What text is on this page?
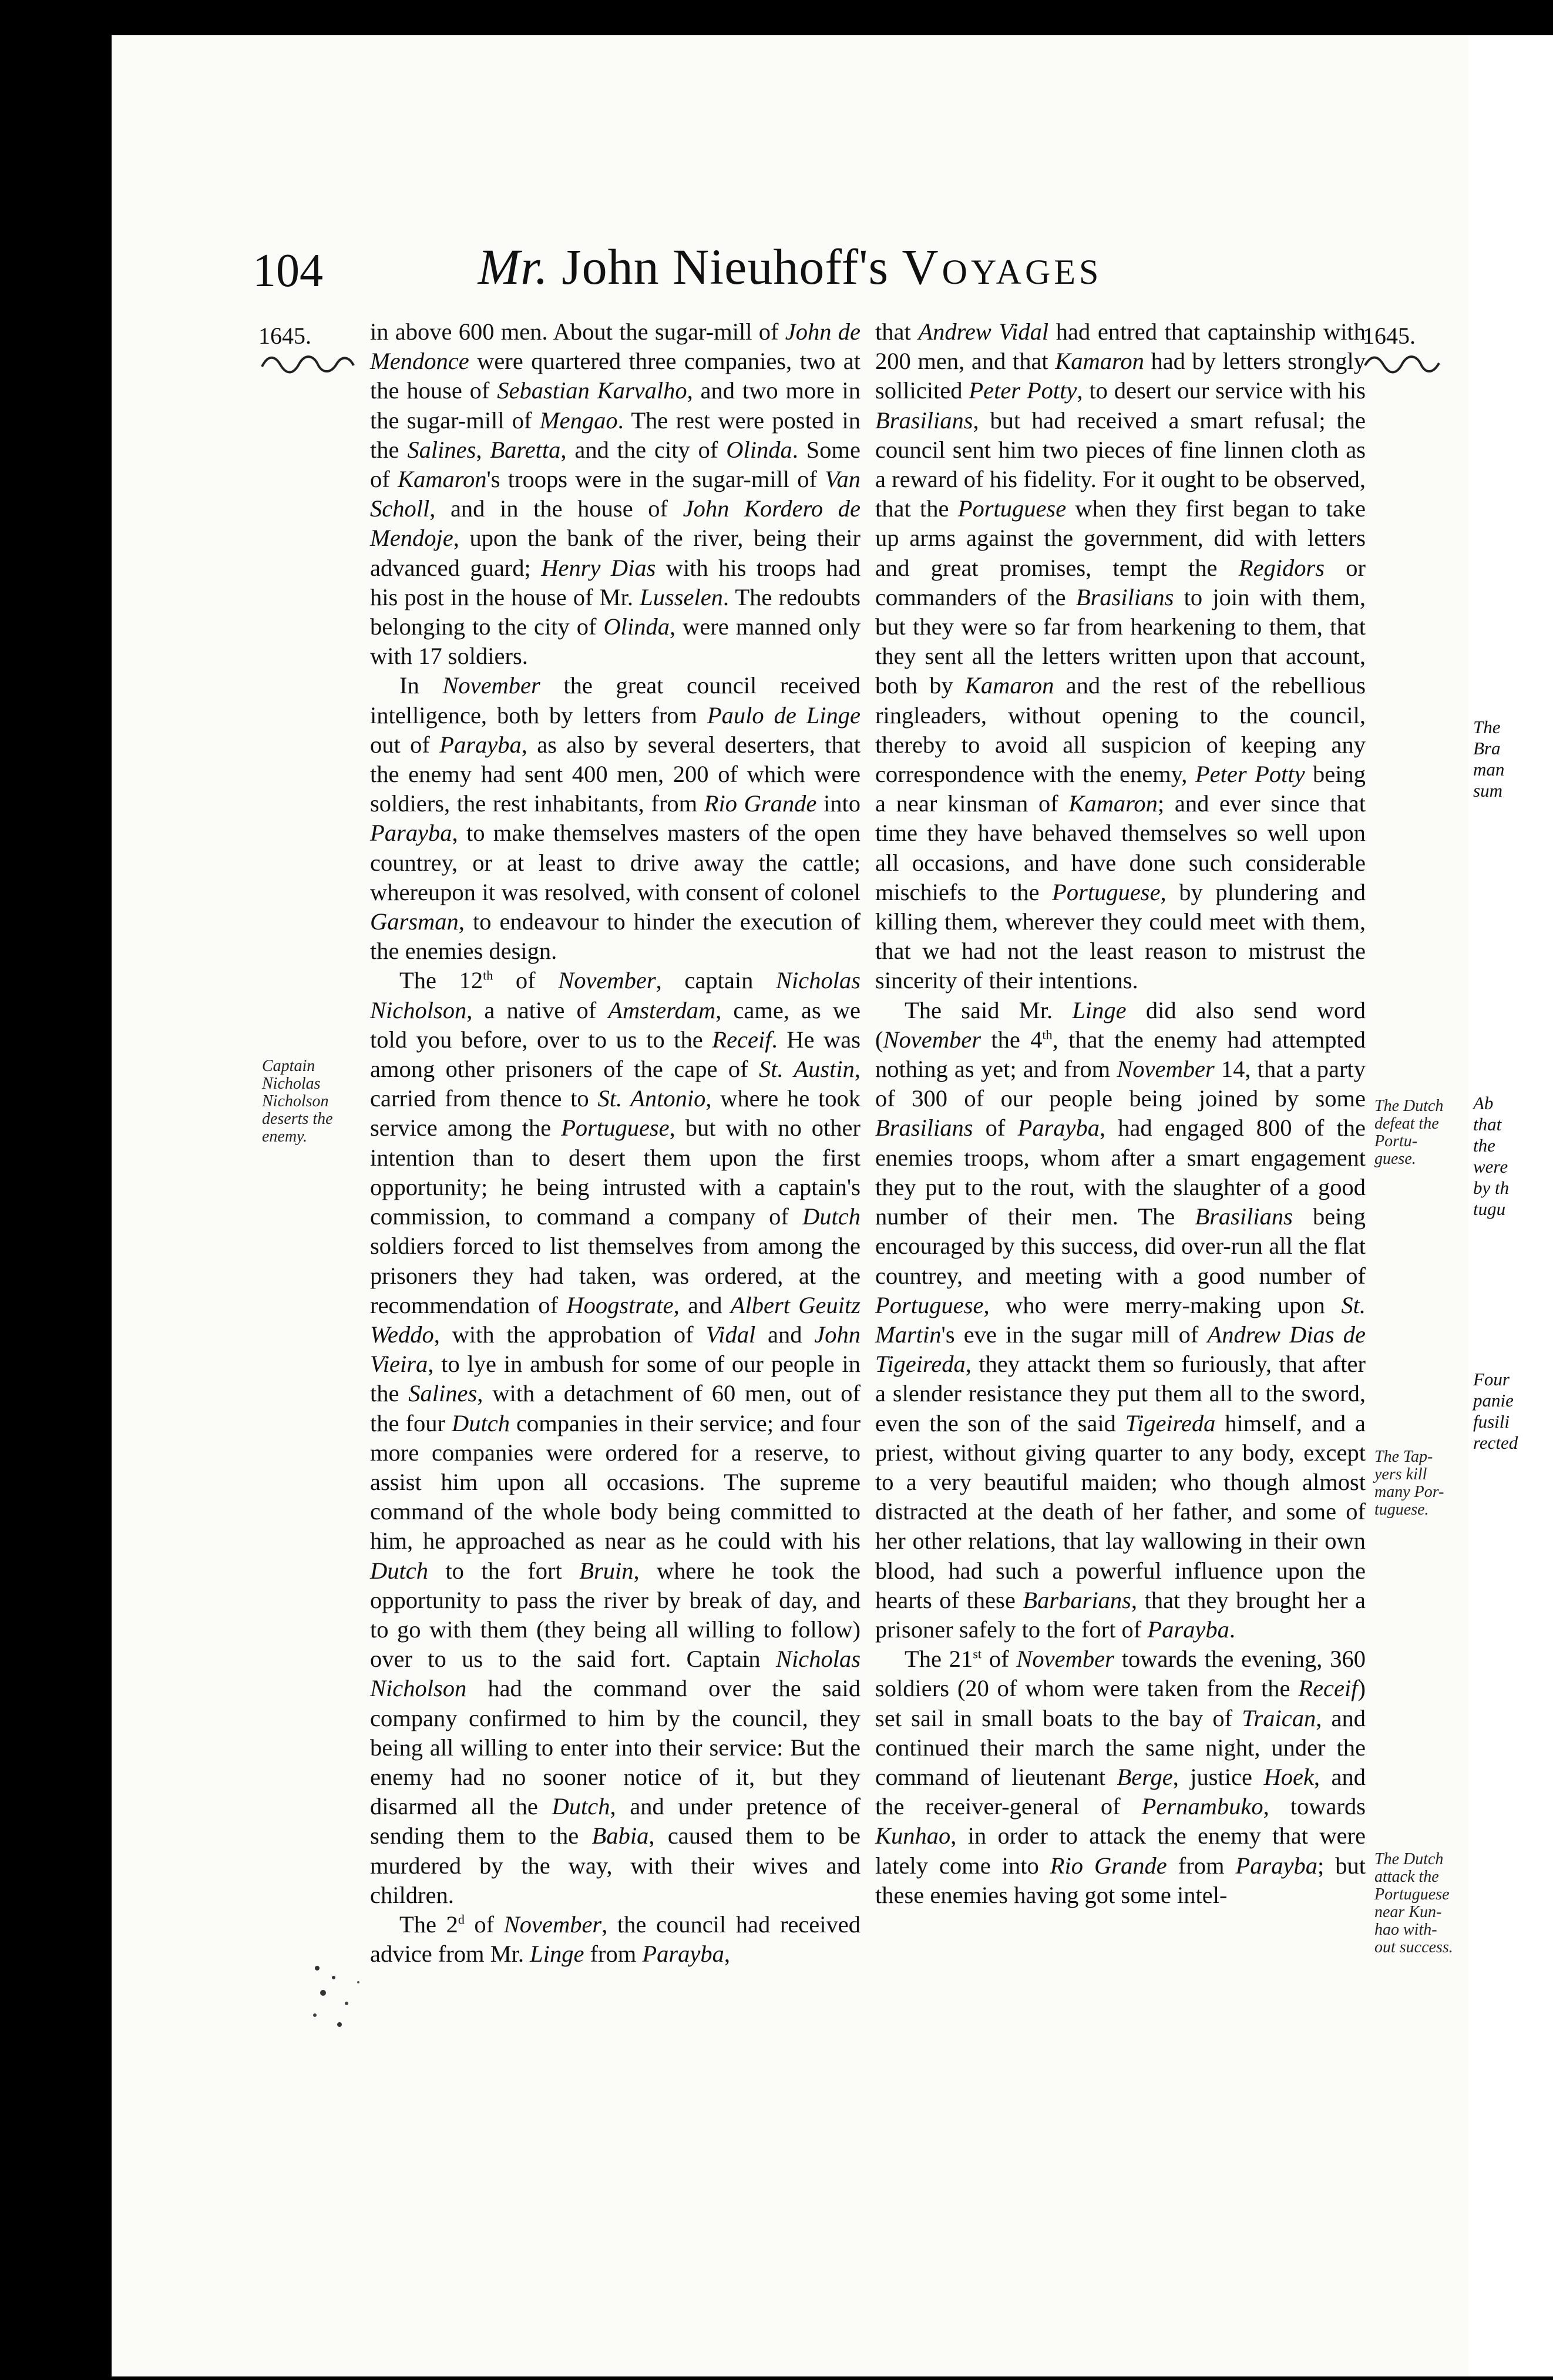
104	Mr. John Nieuhoff's Voyages
1645.	1645.

in above 600 men. About the sugar-mill of John de Mendonce were quartered three companies, two at the house of Sebastian Karvalho, and two more in the sugar-mill of Mengao. The rest were posted in the Salines, Baretta, and the city of Olinda. Some of Kamaron's troops were in the sugar-mill of Van Scholl, and in the house of John Kordero de Mendoje, upon the bank of the river, being their advanced guard; Henry Dias with his troops had his post in the house of Mr. Lusselen. The redoubts belonging to the city of Olinda, were manned only with 17 soldiers.

In November the great council received intelligence, both by letters from Paulo de Linge out of Parayba, as also by several deserters, that the enemy had sent 400 men, 200 of which were soldiers, the rest inhabitants, from Rio Grande into Parayba, to make themselves masters of the open countrey, or at least to drive away the cattle; whereupon it was resolved, with consent of colonel Garsman, to endeavour to hinder the execution of the enemies design.

The 12th of November, captain Nicholas Nicholson, a native of Amsterdam, came, as we told you before, over to us to the Receif. He was among other prisoners of the cape of St. Austin, carried from thence to St. Antonio, where he took service among the Portuguese, but with no other intention than to desert them upon the first opportunity; he being intrusted with a captain's commission, to command a company of Dutch soldiers forced to list themselves from among the prisoners they had taken, was ordered, at the recommendation of Hoogstrate, and Albert Geuitz Weddo, with the approbation of Vidal and John Vieira, to lye in ambush for some of our people in the Salines, with a detachment of 60 men, out of the four Dutch companies in their service; and four more companies were ordered for a reserve, to assist him upon all occasions. The supreme command of the whole body being committed to him, he approached as near as he could with his Dutch to the fort Bruin, where he took the opportunity to pass the river by break of day, and to go with them (they being all willing to follow) over to us to the said fort. Captain Nicholas Nicholson had the command over the said company confirmed to him by the council, they being all willing to enter into their service: But the enemy had no sooner notice of it, but they disarmed all the Dutch, and under pretence of sending them to the Babia, caused them to be murdered by the way, with their wives and children.

The 2$^d$ of November, the council had received advice from Mr. Linge from Parayba,

that Andrew Vidal had entred that captainship with 200 men, and that Kamaron had by letters strongly sollicited Peter Potty, to desert our service with his Brasilians, but had received a smart refusal; the council sent him two pieces of fine linnen cloth as a reward of his fidelity. For it ought to be observed, that the Portuguese when they first began to take up arms against the government, did with letters and great promises, tempt the Regidors or commanders of the Brasilians to join with them, but they were so far from hearkening to them, that they sent all the letters written upon that account, both by Kamaron and the rest of the rebellious ringleaders, without opening to the council, thereby to avoid all suspicion of keeping any correspondence with the enemy, Peter Potty being a near kinsman of Kamaron; and ever since that time they have behaved themselves so well upon all occasions, and have done such considerable mischiefs to the Portuguese, by plundering and killing them, wherever they could meet with them, that we had not the least reason to mistrust the sincerity of their intentions.

The said Mr. Linge did also send word (November the 4th, that the enemy had attempted nothing as yet; and from November 14, that a party of 300 of our people being joined by some Brasilians of Parayba, had engaged 800 of the enemies troops, whom after a smart engagement they put to the rout, with the slaughter of a good number of their men. The Brasilians being encouraged by this success, did over-run all the flat countrey, and meeting with a good number of Portuguese, who were merry-making upon St. Martin's eve in the sugar mill of Andrew Dias de Tigeireda, they attackt them so furiously, that after a slender resistance they put them all to the sword, even the son of the said Tigeireda himself, and a priest, without giving quarter to any body, except to a very beautiful maiden; who though almost distracted at the death of her father, and some of her other relations, that lay wallowing in their own blood, had such a powerful influence upon the hearts of these Barbarians, that they brought her a prisoner safely to the fort of Parayba.

The 21st of November towards the evening, 360 soldiers (20 of whom were taken from the Receif) set sail in small boats to the bay of Traican, and continued their march the same night, under the command of lieutenant Berge, justice Hoek, and the receiver-general of Pernambuko, towards Kunhao, in order to attack the enemy that were lately come into Rio Grande from Parayba; but these enemies having got some intel-

Captain
Nicholas
Nicholson
deserts the
enemy.
The Dutch
defeat the
Portu-
guese.
The Tap-
yers kill
many Por-
tuguese.
The Dutch
attack the
Portuguese
near Kun-
hao with-
out success.
The
Bra
man
sum
Ab
that
the
were
by th
tugu
Four
panie
fusili
rected
